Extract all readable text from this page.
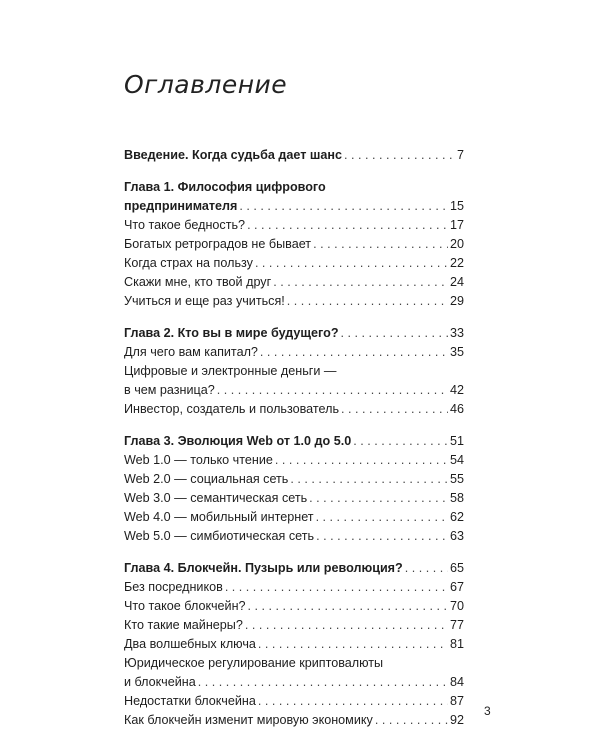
Оглавление
Введение. Когда судьба дает шанс . . .	7
Глава 1. Философия цифрового
предпринимателя . . .	15
Что такое бедность? . . .	17
Богатых ретроградов не бывает . . .	20
Когда страх на пользу . . .	22
Скажи мне, кто твой друг . . .	24
Учиться и еще раз учиться! . . .	29
Глава 2. Кто вы в мире будущего? . . .	33
Для чего вам капитал? . . .	35
Цифровые и электронные деньги —
в чем разница? . . .	42
Инвестор, создатель и пользователь . . .	46
Глава 3. Эволюция Web от 1.0 до 5.0 . . .	51
Web 1.0 — только чтение . . .	54
Web 2.0 — социальная сеть . . .	55
Web 3.0 — семантическая сеть . . .	58
Web 4.0 — мобильный интернет . . .	62
Web 5.0 — симбиотическая сеть . . .	63
Глава 4. Блокчейн. Пузырь или революция? . . .	65
Без посредников . . .	67
Что такое блокчейн? . . .	70
Кто такие майнеры? . . .	77
Два волшебных ключа . . .	81
Юридическое регулирование криптовалюты
и блокчейна . . .	84
Недостатки блокчейна . . .	87
Как блокчейн изменит мировую экономику . . .	92
3
